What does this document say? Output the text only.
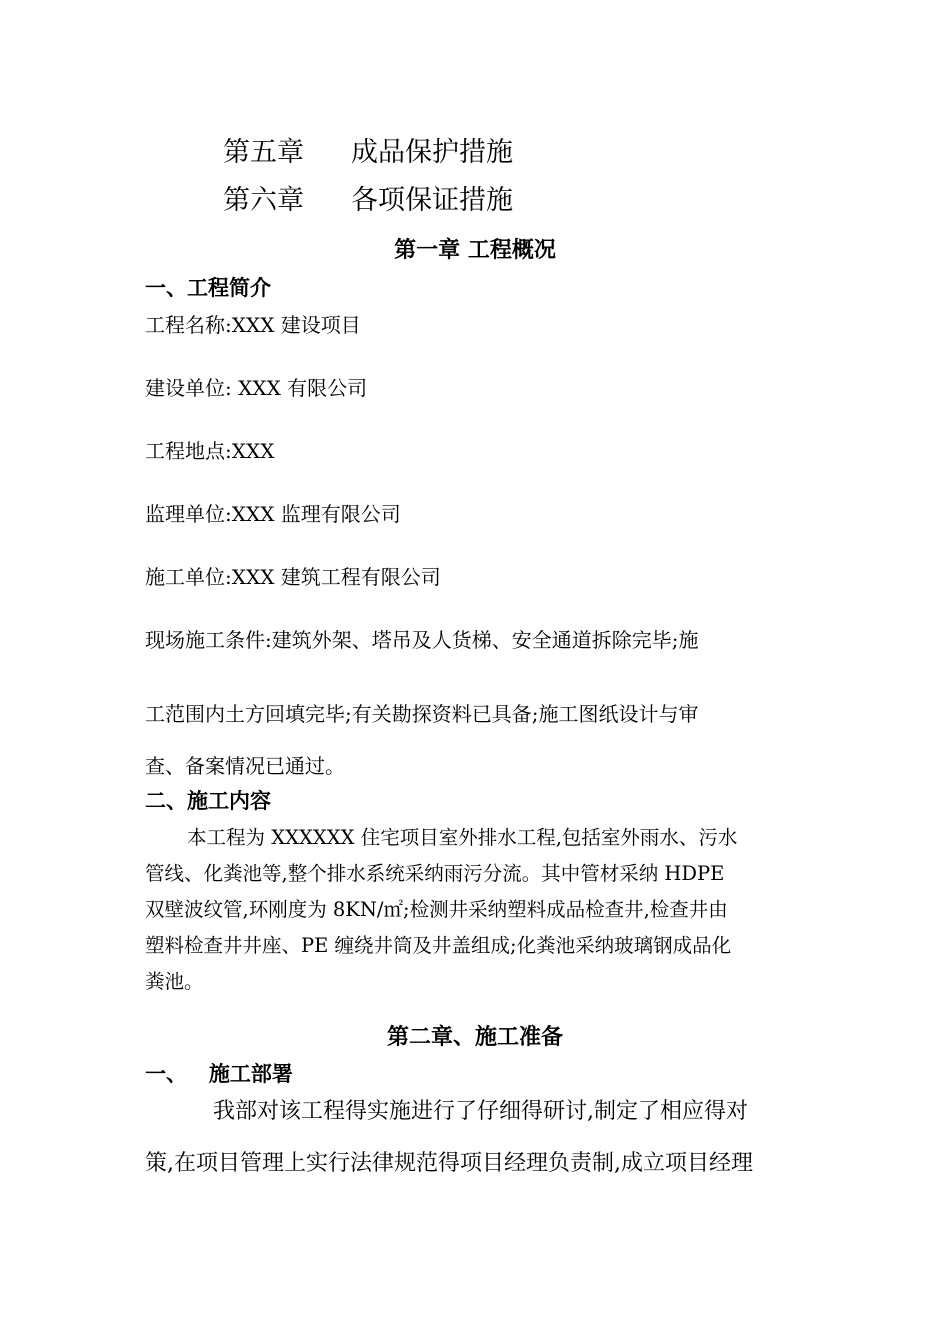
第五章 成品保护措施
第六章 各项保证措施
第一章 工程概况
一、工程简介
工程名称:XXX 建设项目
建设单位: XXX 有限公司
工程地点:XXX
监理单位:XXX 监理有限公司
施工单位:XXX 建筑工程有限公司
现场施工条件:建筑外架、塔吊及人货梯、安全通道拆除完毕;施
工范围内土方回填完毕;有关勘探资料已具备;施工图纸设计与审
查、备案情况已通过。
二、施工内容
本工程为 XXXXXX 住宅项目室外排水工程,包括室外雨水、污水
管线、化粪池等,整个排水系统采纳雨污分流。其中管材采纳 HDPE
双壁波纹管,环刚度为 8KN/㎡;检测井采纳塑料成品检查井,检查井由
塑料检查井井座、PE 缠绕井筒及井盖组成;化粪池采纳玻璃钢成品化
粪池。
第二章、施工准备
一、   施工部署
我部对该工程得实施进行了仔细得研讨,制定了相应得对
策,在项目管理上实行法律规范得项目经理负责制,成立项目经理
